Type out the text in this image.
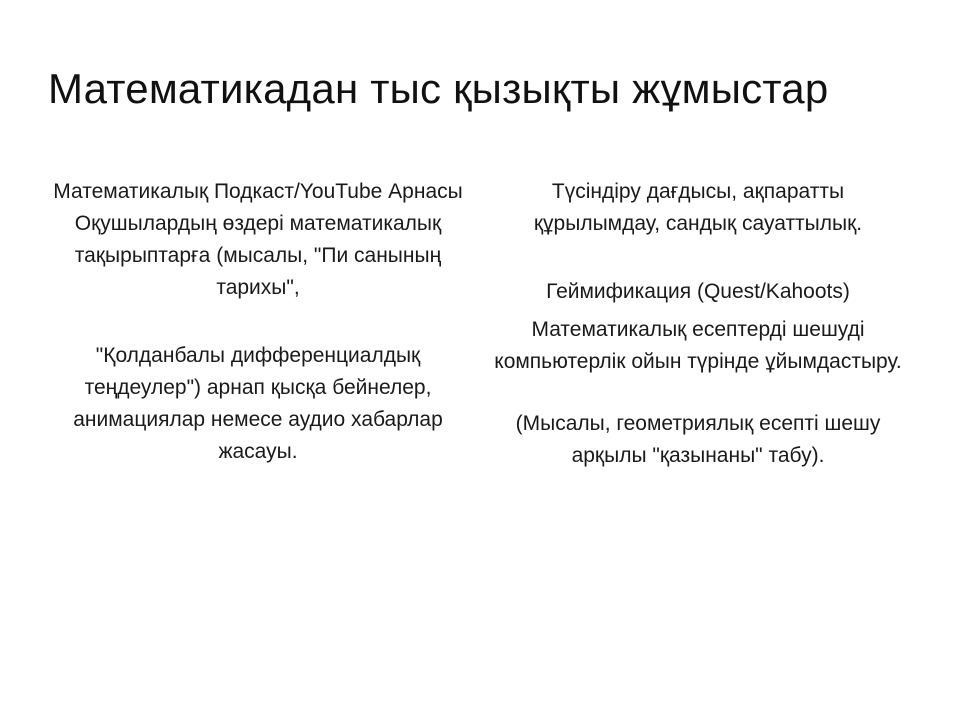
Математикадан тыс қызықты жұмыстар

Математикалық Подкаст/YouTube Арнасы Оқушылардың өздері математикалық тақырыптарға (мысалы, "Пи санының тарихы",

"Қолданбалы дифференциалдық теңдеулер") арнап қысқа бейнелер, анимациялар немесе аудио хабарлар жасауы.

Түсіндіру дағдысы, ақпаратты құрылымдау, сандық сауаттылық.

Геймификация (Quest/Kahoots)

Математикалық есептерді шешуді компьютерлік ойын түрінде ұйымдастыру.

(Мысалы, геометриялық есепті шешу арқылы "қазынаны" табу).
